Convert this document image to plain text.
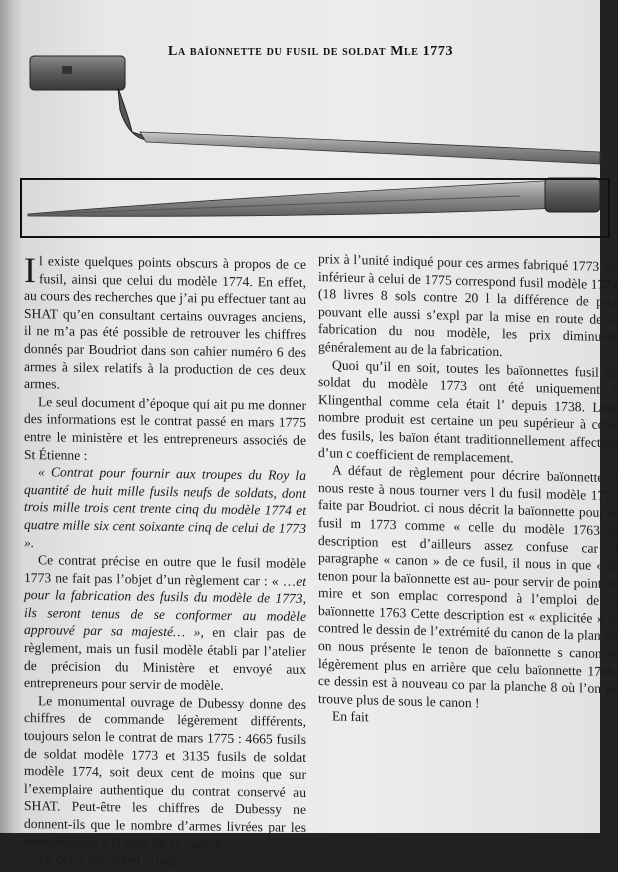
La baïonnette du fusil de soldat Mle 1773

Il existe quelques points obscurs à propos de ce fusil, ainsi que celui du modèle 1774. En effet, au cours des recherches que j’ai pu effectuer tant au SHAT qu’en consultant certains ouvrages anciens, il ne m’a pas été possible de retrouver les chiffres donnés par Boudriot dans son cahier numéro 6 des armes à silex relatifs à la production de ces deux armes.

Le seul document d’époque qui ait pu me donner des informations est le contrat passé en mars 1775 entre le ministère et les entrepreneurs associés de St Étienne :

« Contrat pour fournir aux troupes du Roy la quantité de huit mille fusils neufs de soldats, dont trois mille trois cent trente cinq du modèle 1774 et quatre mille six cent soixante cinq de celui de 1773 ».

Ce contrat précise en outre que le fusil modèle 1773 ne fait pas l’objet d’un règlement car : « …et pour la fabrication des fusils du modèle de 1773, ils seront tenus de se conformer au modèle approuvé par sa majesté… », en clair pas de règlement, mais un fusil modèle établi par l’atelier de précision du Ministère et envoyé aux entrepreneurs pour servir de modèle.

Le monumental ouvrage de Dubessy donne des chiffres de commande légèrement différents, toujours selon le contrat de mars 1775 : 4665 fusils de soldat modèle 1773 et 3135 fusils de soldat modèle 1774, soit deux cent de moins que sur l’exemplaire authentique du contrat conservé au SHAT. Peut-être les chiffres de Dubessy ne donnent-ils que le nombre d’armes livrées par les entrepreneurs à la suite de ce contrat.

Le devis précédent n’indi

prix à l’unité indiqué pour ces armes fabriqué 1773 est inférieur à celui de 1775 correspond fusil modèle 1774 (18 livres 8 sols contre 20 l la différence de prix pouvant elle aussi s’expl par la mise en route de la fabrication du nou modèle, les prix diminuant généralement au de la fabrication.

Quoi qu’il en soit, toutes les baïonnettes fusil de soldat du modèle 1773 ont été uniquement à Klingenthal comme cela était l’ depuis 1738. Leur nombre produit est certaine un peu supérieur à celui des fusils, les baïon étant traditionnellement affectées d’un c coefficient de remplacement.

A défaut de règlement pour décrire baïonnette il nous reste à nous tourner vers l du fusil modèle 1773 faite par Boudriot. ci nous décrit la baïonnette pour le fusil m 1773 comme « celle du modèle 1763-66 description est d’ailleurs assez confuse car d paragraphe « canon » de ce fusil, il nous in que « le tenon pour la baïonnette est au- pour servir de point de mire et son emplac correspond à l’emploi de la baïonnette 1763 Cette description est « explicitée » et contred le dessin de l’extrémité du canon de la plan où on nous présente le tenon de baïonnette s canon et légèrement plus en arrière que celu baïonnette 1766, ce dessin est à nouveau co par la planche 8 où l’on ne trouve plus de sous le canon !

En fait
